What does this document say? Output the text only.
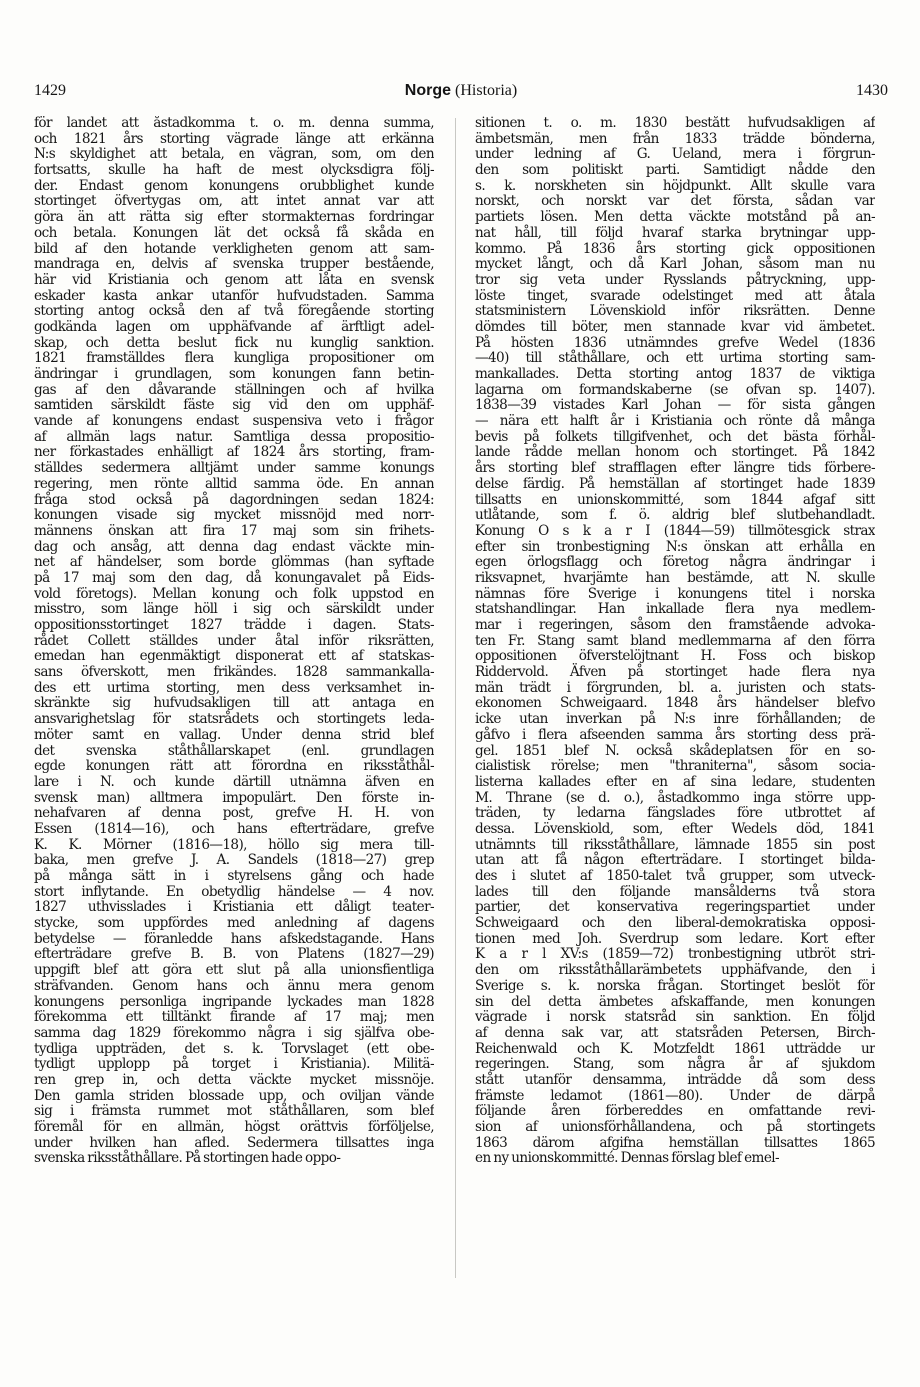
1429	Norge (Historia)	1430
för landet att åstadkomma t. o. m. denna summa,
och 1821 års storting vägrade länge att erkänna
N:s skyldighet att betala, en vägran, som, om den
fortsatts, skulle ha haft de mest olycksdigra följ-
der. Endast genom konungens orubblighet kunde
stortinget öfvertygas om, att intet annat var att
göra än att rätta sig efter stormakternas fordringar
och betala. Konungen lät det också få skåda en
bild af den hotande verkligheten genom att sam-
mandraga en, delvis af svenska trupper bestående,
här vid Kristiania och genom att låta en svensk
eskader kasta ankar utanför hufvudstaden. Samma
storting antog också den af två föregående storting
godkända lagen om upphäfvande af ärftligt adel-
skap, och detta beslut fick nu kunglig sanktion.
1821 framställdes flera kungliga propositioner om
ändringar i grundlagen, som konungen fann betin-
gas af den dåvarande ställningen och af hvilka
samtiden särskildt fäste sig vid den om upphäf-
vande af konungens endast suspensiva veto i frågor
af allmän lags natur. Samtliga dessa propositio-
ner förkastades enhälligt af 1824 års storting, fram-
ställdes sedermera alltjämt under samme konungs
regering, men rönte alltid samma öde. En annan
fråga stod också på dagordningen sedan 1824:
konungen visade sig mycket missnöjd med norr-
männens önskan att fira 17 maj som sin frihets-
dag och ansåg, att denna dag endast väckte min-
net af händelser, som borde glömmas (han syftade
på 17 maj som den dag, då konungavalet på Eids-
vold företogs). Mellan konung och folk uppstod en
misstro, som länge höll i sig och särskildt under
oppositionsstortinget 1827 trädde i dagen. Stats-
rådet Collett ställdes under åtal inför riksrätten,
emedan han egenmäktigt disponerat ett af statskas-
sans öfverskott, men frikändes. 1828 sammankalla-
des ett urtima storting, men dess verksamhet in-
skränkte sig hufvudsakligen till att antaga en
ansvarighetslag för statsrådets och stortingets leda-
möter samt en vallag. Under denna strid blef
det svenska ståthållarskapet (enl. grundlagen
egde konungen rätt att förordna en riksståthål-
lare i N. och kunde därtill utnämna äfven en
svensk man) alltmera impopulärt. Den förste in-
nehafvaren af denna post, grefve H. H. von
Essen (1814—16), och hans efterträdare, grefve
K. K. Mörner (1816—18), höllo sig mera till-
baka, men grefve J. A. Sandels (1818—27) grep
på många sätt in i styrelsens gång och hade
stort inflytande. En obetydlig händelse — 4 nov.
1827 uthvisslades i Kristiania ett dåligt teater-
stycke, som uppfördes med anledning af dagens
betydelse — föranledde hans afskedstagande. Hans
efterträdare grefve B. B. von Platens (1827—29)
uppgift blef att göra ett slut på alla unionsfientliga
sträfvanden. Genom hans och ännu mera genom
konungens personliga ingripande lyckades man 1828
förekomma ett tilltänkt firande af 17 maj; men
samma dag 1829 förekommo några i sig själfva obe-
tydliga uppträden, det s. k. Torvslaget (ett obe-
tydligt upplopp på torget i Kristiania). Militä-
ren grep in, och detta väckte mycket missnöje.
Den gamla striden blossade upp, och oviljan vände
sig i främsta rummet mot ståthållaren, som blef
föremål för en allmän, högst orättvis förföljelse,
under hvilken han afled. Sedermera tillsattes inga
svenska riksståthållare. På stortingen hade oppo-
sitionen t. o. m. 1830 bestått hufvudsakligen af
ämbetsmän, men från 1833 trädde bönderna,
under ledning af G. Ueland, mera i förgrun-
den som politiskt parti. Samtidigt nådde den
s. k. norskheten sin höjdpunkt. Allt skulle vara
norskt, och norskt var det första, sådan var
partiets lösen. Men detta väckte motstånd på an-
nat håll, till följd hvaraf starka brytningar upp-
kommo. På 1836 års storting gick oppositionen
mycket långt, och då Karl Johan, såsom man nu
tror sig veta under Rysslands påtryckning, upp-
löste tinget, svarade odelstinget med att åtala
statsministern Lövenskiold inför riksrätten. Denne
dömdes till böter, men stannade kvar vid ämbetet.
På hösten 1836 utnämndes grefve Wedel (1836
—40) till ståthållare, och ett urtima storting sam-
mankallades. Detta storting antog 1837 de viktiga
lagarna om formandskaberne (se ofvan sp. 1407).
1838—39 vistades Karl Johan — för sista gången
— nära ett halft år i Kristiania och rönte då många
bevis på folkets tillgifvenhet, och det bästa förhål-
lande rådde mellan honom och stortinget. På 1842
års storting blef strafflagen efter längre tids förbere-
delse färdig. På hemställan af stortinget hade 1839
tillsatts en unionskommitté, som 1844 afgaf sitt
utlåtande, som f. ö. aldrig blef slutbehandladt.
Konung O s k a r I (1844—59) tillmötesgick strax
efter sin tronbestigning N:s önskan att erhålla en
egen örlogsflagg och företog några ändringar i
riksvapnet, hvarjämte han bestämde, att N. skulle
nämnas före Sverige i konungens titel i norska
statshandlingar. Han inkallade flera nya medlem-
mar i regeringen, såsom den framstående advoka-
ten Fr. Stang samt bland medlemmarna af den förra
oppositionen öfverstelöjtnant H. Foss och biskop
Riddervold. Äfven på stortinget hade flera nya
män trädt i förgrunden, bl. a. juristen och stats-
ekonomen Schweigaard. 1848 års händelser blefvo
icke utan inverkan på N:s inre förhållanden; de
gåfvo i flera afseenden samma års storting dess prä-
gel. 1851 blef N. också skådeplatsen för en so-
cialistisk rörelse; men "thraniterna", såsom socia-
listerna kallades efter en af sina ledare, studenten
M. Thrane (se d. o.), åstadkommo inga större upp-
träden, ty ledarna fängslades före utbrottet af
dessa. Lövenskiold, som, efter Wedels död, 1841
utnämnts till riksståthållare, lämnade 1855 sin post
utan att få någon efterträdare. I stortinget bilda-
des i slutet af 1850-talet två grupper, som utveck-
lades till den följande mansålderns två stora
partier, det konservativa regeringspartiet under
Schweigaard och den liberal-demokratiska opposi-
tionen med Joh. Sverdrup som ledare. Kort efter
K a r l XV:s (1859—72) tronbestigning utbröt stri-
den om riksståthållarämbetets upphäfvande, den i
Sverige s. k. norska frågan. Stortinget beslöt för
sin del detta ämbetes afskaffande, men konungen
vägrade i norsk statsråd sin sanktion. En följd
af denna sak var, att statsråden Petersen, Birch-
Reichenwald och K. Motzfeldt 1861 utträdde ur
regeringen. Stang, som några år af sjukdom
stått utanför densamma, inträdde då som dess
främste ledamot (1861—80). Under de därpå
följande åren förbereddes en omfattande revi-
sion af unionsförhållandena, och på stortingets
1863 därom afgifna hemställan tillsattes 1865
en ny unionskommitté. Dennas förslag blef emel-
